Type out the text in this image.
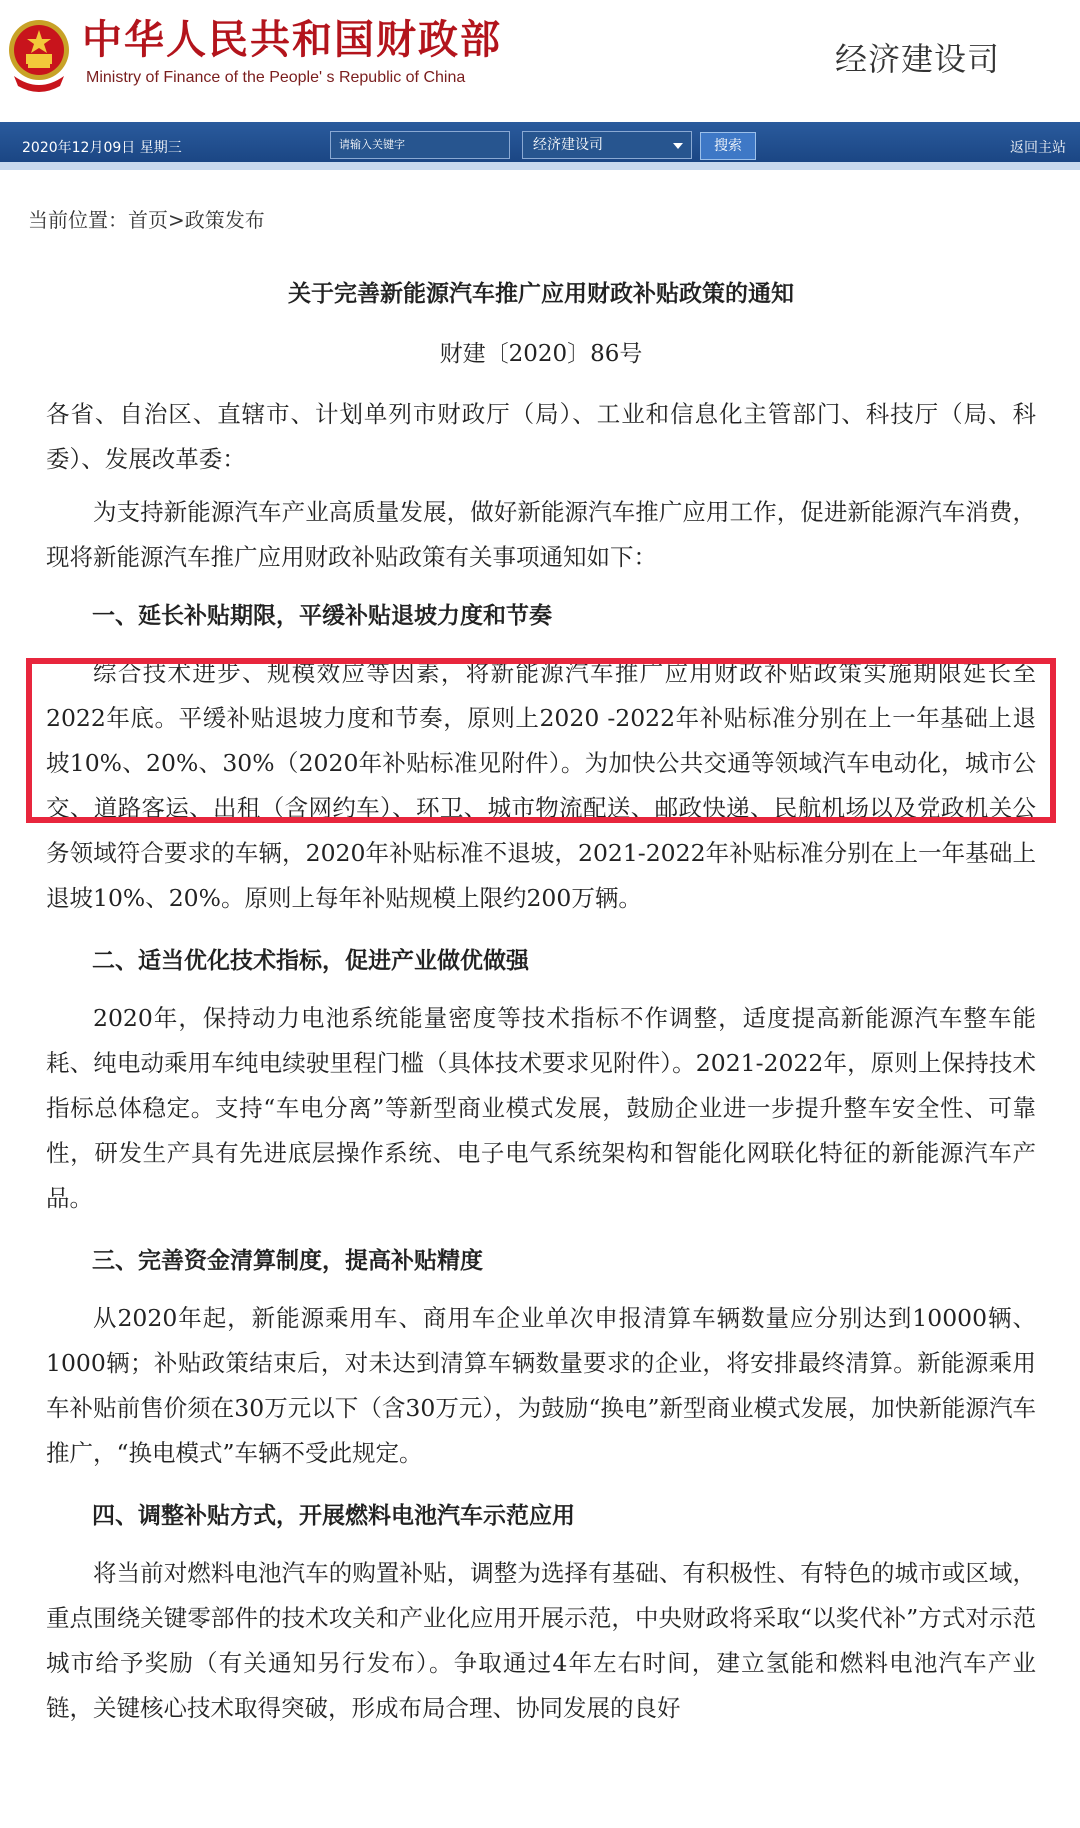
中华人民共和国财政部
Ministry of Finance of the People' s Republic of China	经济建设司
2020年12月09日 星期三	请输入关键字	经济建设司	搜索	返回主站
当前位置：首页>政策发布
关于完善新能源汽车推广应用财政补贴政策的通知
财建〔2020〕86号
各省、自治区、直辖市、计划单列市财政厅（局）、工业和信息化主管部门、科技厅（局、科委）、发展改革委：
为支持新能源汽车产业高质量发展，做好新能源汽车推广应用工作，促进新能源汽车消费，现将新能源汽车推广应用财政补贴政策有关事项通知如下：
一、延长补贴期限，平缓补贴退坡力度和节奏
综合技术进步、规模效应等因素，将新能源汽车推广应用财政补贴政策实施期限延长至2022年底。平缓补贴退坡力度和节奏，原则上2020 -2022年补贴标准分别在上一年基础上退坡10%、20%、30%（2020年补贴标准见附件）。为加快公共交通等领域汽车电动化，城市公交、道路客运、出租（含网约车）、环卫、城市物流配送、邮政快递、民航机场以及党政机关公务领域符合要求的车辆，2020年补贴标准不退坡，2021-2022年补贴标准分别在上一年基础上退坡10%、20%。原则上每年补贴规模上限约200万辆。
二、适当优化技术指标，促进产业做优做强
2020年，保持动力电池系统能量密度等技术指标不作调整，适度提高新能源汽车整车能耗、纯电动乘用车纯电续驶里程门槛（具体技术要求见附件）。2021-2022年，原则上保持技术指标总体稳定。支持“车电分离”等新型商业模式发展，鼓励企业进一步提升整车安全性、可靠性，研发生产具有先进底层操作系统、电子电气系统架构和智能化网联化特征的新能源汽车产品。
三、完善资金清算制度，提高补贴精度
从2020年起，新能源乘用车、商用车企业单次申报清算车辆数量应分别达到10000辆、1000辆；补贴政策结束后，对未达到清算车辆数量要求的企业，将安排最终清算。新能源乘用车补贴前售价须在30万元以下（含30万元），为鼓励“换电”新型商业模式发展，加快新能源汽车推广，“换电模式”车辆不受此规定。
四、调整补贴方式，开展燃料电池汽车示范应用
将当前对燃料电池汽车的购置补贴，调整为选择有基础、有积极性、有特色的城市或区域，重点围绕关键零部件的技术攻关和产业化应用开展示范，中央财政将采取“以奖代补”方式对示范城市给予奖励（有关通知另行发布）。争取通过4年左右时间，建立氢能和燃料电池汽车产业链，关键核心技术取得突破，形成布局合理、协同发展的良好
